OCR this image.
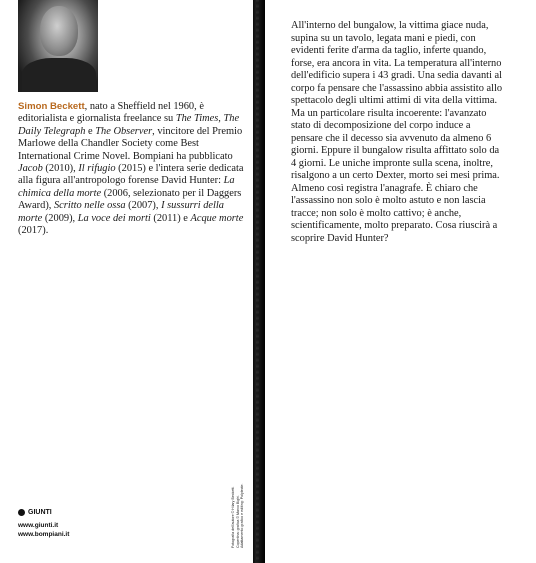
Simon Beckett, nato a Sheffield nel 1960, è editorialista e giornalista freelance su The Times, The Daily Telegraph e The Observer, vincitore del Premio Marlowe della Chandler Society come Best International Crime Novel. Bompiani ha pubblicato Jacob (2010), Il rifugio (2015) e l'intera serie dedicata alla figura all'antropologo forense David Hunter: La chimica della morte (2006, selezionato per il Daggers Award), Scritto nelle ossa (2007), I sussurri della morte (2009), La voce dei morti (2011) e Acque morte (2017).

GIUNTI
www.giunti.it
www.bompiani.it	Fotografia dell'autore © Hilary Beckett. Copertina: grafica © Marco Bighi. Adattamento grafico e editing: Polytexte.

All'interno del bungalow, la vittima giace nuda, supina su un tavolo, legata mani e piedi, con evidenti ferite d'arma da taglio, inferte quando, forse, era ancora in vita. La temperatura all'interno dell'edificio supera i 43 gradi. Una sedia davanti al corpo fa pensare che l'assassino abbia assistito allo spettacolo degli ultimi attimi di vita della vittima. Ma un particolare risulta incoerente: l'avanzato stato di decomposizione del corpo induce a pensare che il decesso sia avvenuto da almeno 6 giorni. Eppure il bungalow risulta affittato solo da 4 giorni. Le uniche impronte sulla scena, inoltre, risalgono a un certo Dexter, morto sei mesi prima. Almeno così registra l'anagrafe. È chiaro che l'assassino non solo è molto astuto e non lascia tracce; non solo è molto cattivo; è anche, scientificamente, molto preparato. Cosa riuscirà a scoprire David Hunter?
